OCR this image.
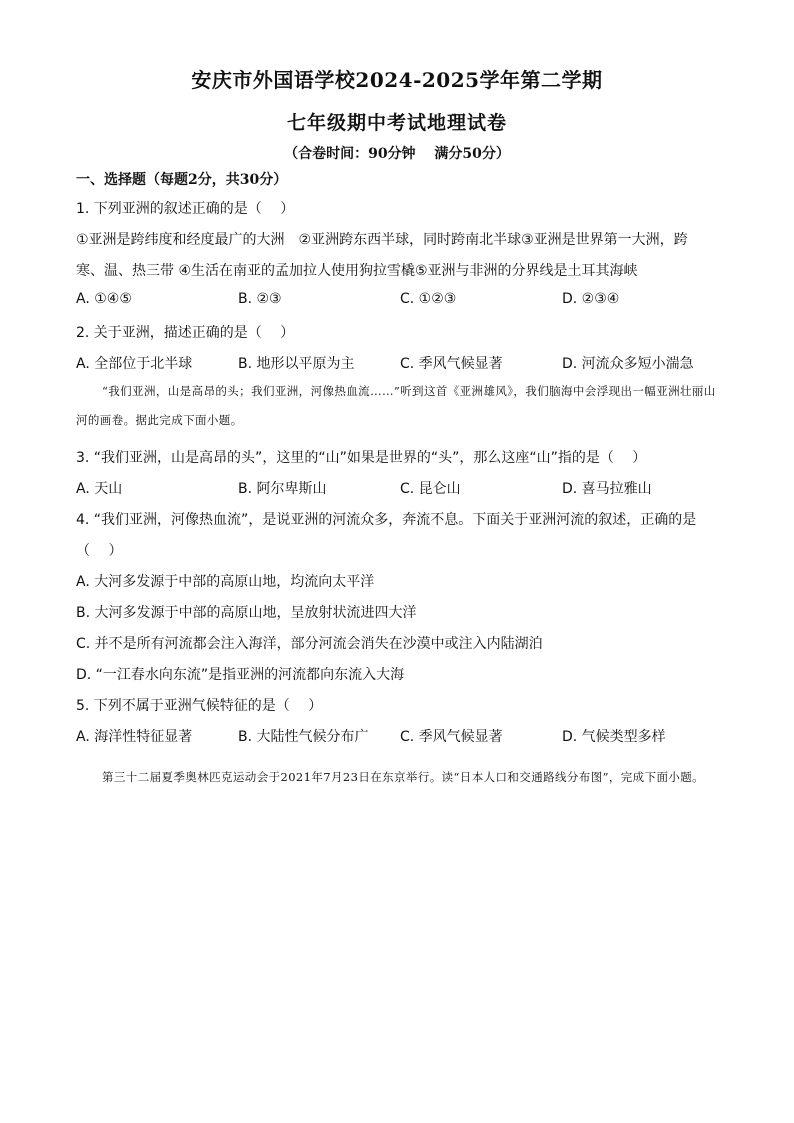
安庆市外国语学校2024-2025学年第二学期
七年级期中考试地理试卷
（合卷时间：90分钟　 满分50分）
一、选择题（每题2分，共30分）
1. 下列亚洲的叙述正确的是（　 ）
①亚洲是跨纬度和经度最广的大洲　②亚洲跨东西半球，同时跨南北半球③亚洲是世界第一大洲，跨
寒、温、热三带 ④生活在南亚的孟加拉人使用狗拉雪橇⑤亚洲与非洲的分界线是土耳其海峡
A. ①④⑤	B. ②③	C. ①②③	D. ②③④
2. 关于亚洲，描述正确的是（　 ）
A. 全部位于北半球	B. 地形以平原为主	C. 季风气候显著	D. 河流众多短小湍急
“我们亚洲，山是高昂的头；我们亚洲，河像热血流……”听到这首《亚洲雄风》，我们脑海中会浮现出一幅亚洲壮丽山河的画卷。据此完成下面小题。
3. “我们亚洲，山是高昂的头”，这里的“山”如果是世界的“头”，那么这座“山”指的是（　 ）
A. 天山	B. 阿尔卑斯山	C. 昆仑山	D. 喜马拉雅山
4. “我们亚洲，河像热血流”，是说亚洲的河流众多，奔流不息。下面关于亚洲河流的叙述，正确的是
（　 ）
A. 大河多发源于中部的高原山地，均流向太平洋
B. 大河多发源于中部的高原山地，呈放射状流进四大洋
C. 并不是所有河流都会注入海洋，部分河流会消失在沙漠中或注入内陆湖泊
D. “一江春水向东流”是指亚洲的河流都向东流入大海
5. 下列不属于亚洲气候特征的是（　 ）
A. 海洋性特征显著	B. 大陆性气候分布广 C. 季风气候显著	D. 气候类型多样
第三十二届夏季奥林匹克运动会于2021年7月23日在东京举行。读“日本人口和交通路线分布图”，完成下面小题。
